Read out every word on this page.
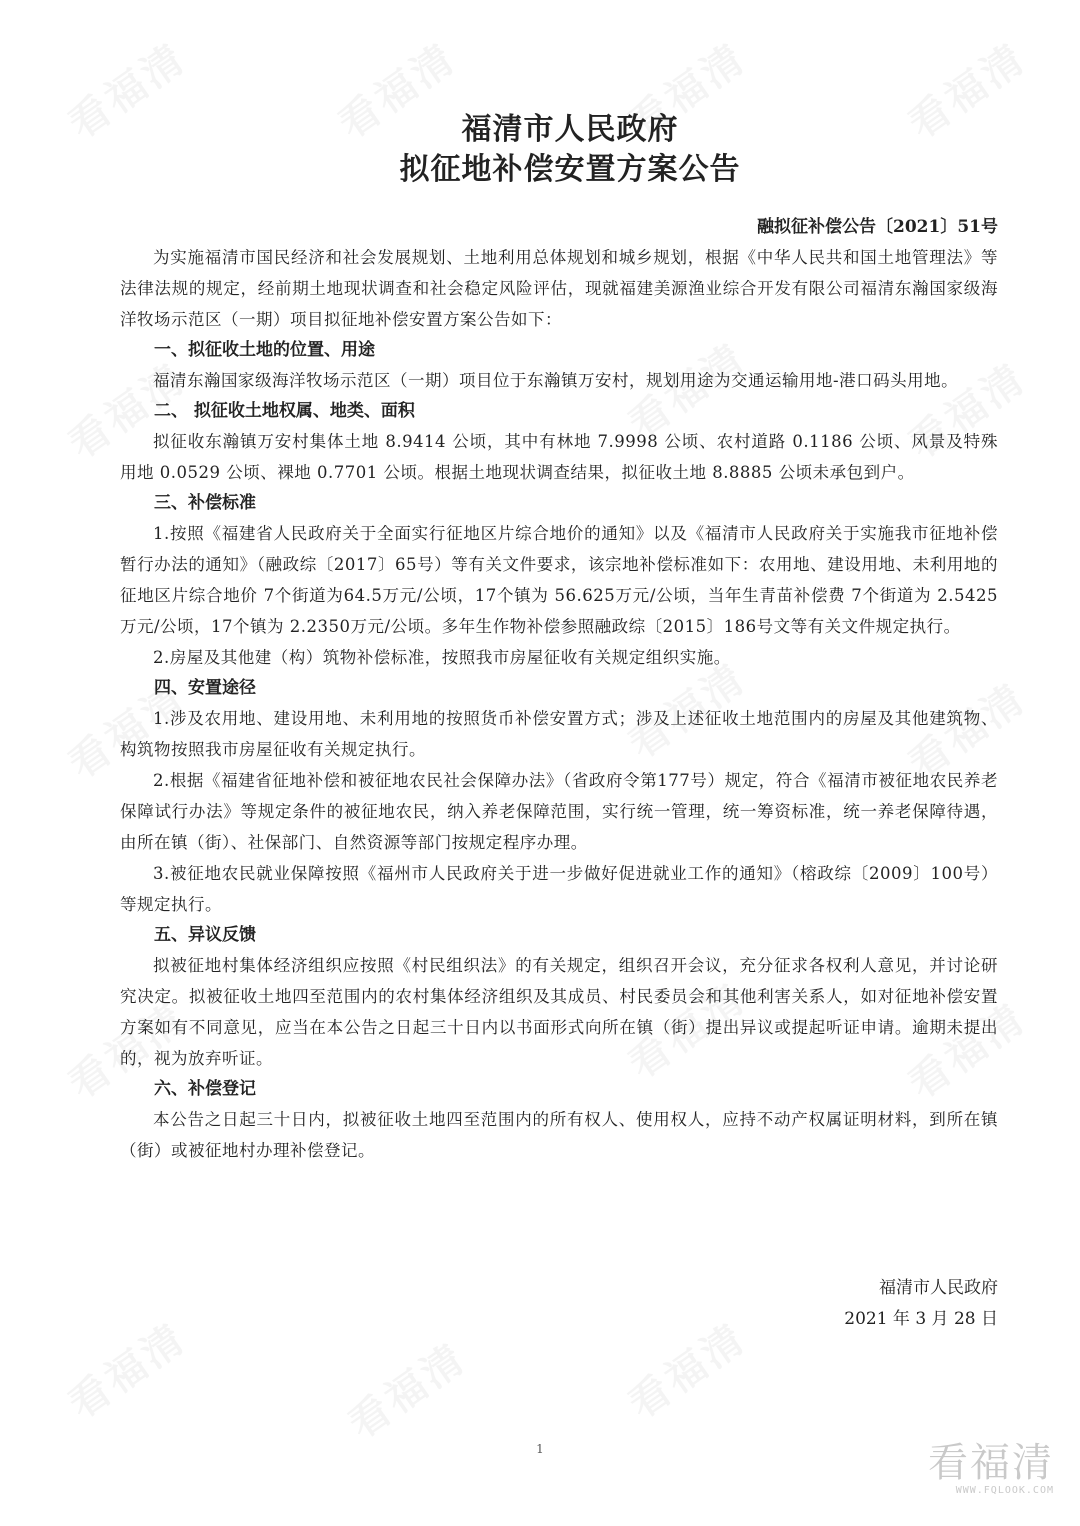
福清市人民政府
拟征地补偿安置方案公告
融拟征补偿公告〔2021〕51号

为实施福清市国民经济和社会发展规划、土地利用总体规划和城乡规划，根据《中华人民共和国土地管理法》等法律法规的规定，经前期土地现状调查和社会稳定风险评估，现就福建美源渔业综合开发有限公司福清东瀚国家级海洋牧场示范区（一期）项目拟征地补偿安置方案公告如下：

一、拟征收土地的位置、用途

福清东瀚国家级海洋牧场示范区（一期）项目位于东瀚镇万安村，规划用途为交通运输用地-港口码头用地。

二、 拟征收土地权属、地类、面积

拟征收东瀚镇万安村集体土地 8.9414 公顷，其中有林地 7.9998 公顷、农村道路 0.1186 公顷、风景及特殊用地 0.0529 公顷、裸地 0.7701 公顷。根据土地现状调查结果，拟征收土地 8.8885 公顷未承包到户。

三、补偿标准

1.按照《福建省人民政府关于全面实行征地区片综合地价的通知》以及《福清市人民政府关于实施我市征地补偿暂行办法的通知》（融政综〔2017〕65号）等有关文件要求，该宗地补偿标准如下：农用地、建设用地、未利用地的征地区片综合地价 7个街道为64.5万元/公顷，17个镇为 56.625万元/公顷，当年生青苗补偿费 7个街道为 2.5425万元/公顷，17个镇为 2.2350万元/公顷。多年生作物补偿参照融政综〔2015〕186号文等有关文件规定执行。

2.房屋及其他建（构）筑物补偿标准，按照我市房屋征收有关规定组织实施。

四、安置途径

1.涉及农用地、建设用地、未利用地的按照货币补偿安置方式；涉及上述征收土地范围内的房屋及其他建筑物、构筑物按照我市房屋征收有关规定执行。

2.根据《福建省征地补偿和被征地农民社会保障办法》（省政府令第177号）规定，符合《福清市被征地农民养老保障试行办法》等规定条件的被征地农民，纳入养老保障范围，实行统一管理，统一筹资标准，统一养老保障待遇，由所在镇（街）、社保部门、自然资源等部门按规定程序办理。

3.被征地农民就业保障按照《福州市人民政府关于进一步做好促进就业工作的通知》（榕政综〔2009〕100号）等规定执行。

五、异议反馈

拟被征地村集体经济组织应按照《村民组织法》的有关规定，组织召开会议，充分征求各权利人意见，并讨论研究决定。拟被征收土地四至范围内的农村集体经济组织及其成员、村民委员会和其他利害关系人，如对征地补偿安置方案如有不同意见，应当在本公告之日起三十日内以书面形式向所在镇（街）提出异议或提起听证申请。逾期未提出的，视为放弃听证。

六、补偿登记

本公告之日起三十日内，拟被征收土地四至范围内的所有权人、使用权人，应持不动产权属证明材料，到所在镇（街）或被征地村办理补偿登记。

福清市人民政府
2021 年 3 月 28 日
1	看福清
WWW.FQLOOK.COM
